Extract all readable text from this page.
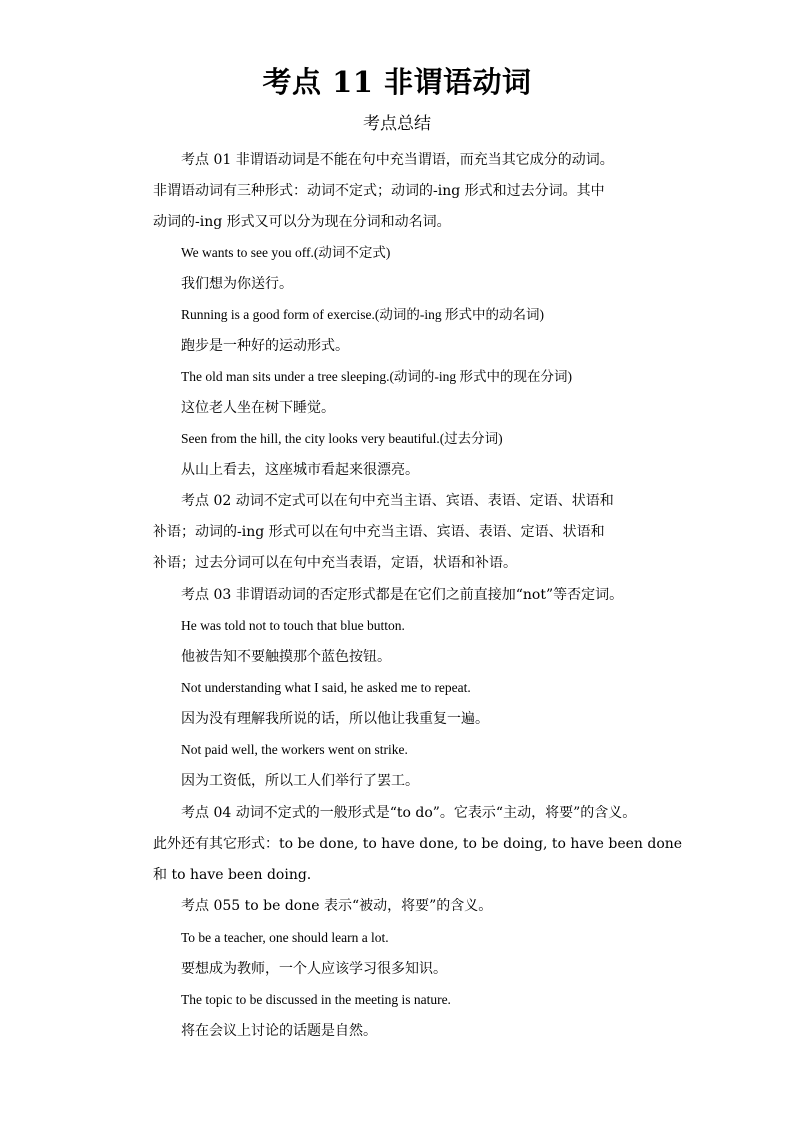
考点 11 非谓语动词
考点总结
考点 01 非谓语动词是不能在句中充当谓语，而充当其它成分的动词。
非谓语动词有三种形式：动词不定式；动词的-ing 形式和过去分词。其中
动词的-ing 形式又可以分为现在分词和动名词。
We wants to see you off.(动词不定式)
我们想为你送行。
Running is a good form of exercise.(动词的-ing 形式中的动名词)
跑步是一种好的运动形式。
The old man sits under a tree sleeping.(动词的-ing 形式中的现在分词)
这位老人坐在树下睡觉。
Seen from the hill, the city looks very beautiful.(过去分词)
从山上看去，这座城市看起来很漂亮。
考点 02 动词不定式可以在句中充当主语、宾语、表语、定语、状语和
补语；动词的-ing 形式可以在句中充当主语、宾语、表语、定语、状语和
补语；过去分词可以在句中充当表语，定语，状语和补语。
考点 03 非谓语动词的否定形式都是在它们之前直接加“not”等否定词。
He was told not to touch that blue button.
他被告知不要触摸那个蓝色按钮。
Not understanding what I said, he asked me to repeat.
因为没有理解我所说的话，所以他让我重复一遍。
Not paid well, the workers went on strike.
因为工资低，所以工人们举行了罢工。
考点 04 动词不定式的一般形式是“to do”。它表示“主动，将要”的含义。
此外还有其它形式：to be done, to have done, to be doing, to have been done
和 to have been doing.
考点 055 to be done 表示“被动，将要”的含义。
To be a teacher, one should learn a lot.
要想成为教师，一个人应该学习很多知识。
The topic to be discussed in the meeting is nature.
将在会议上讨论的话题是自然。
